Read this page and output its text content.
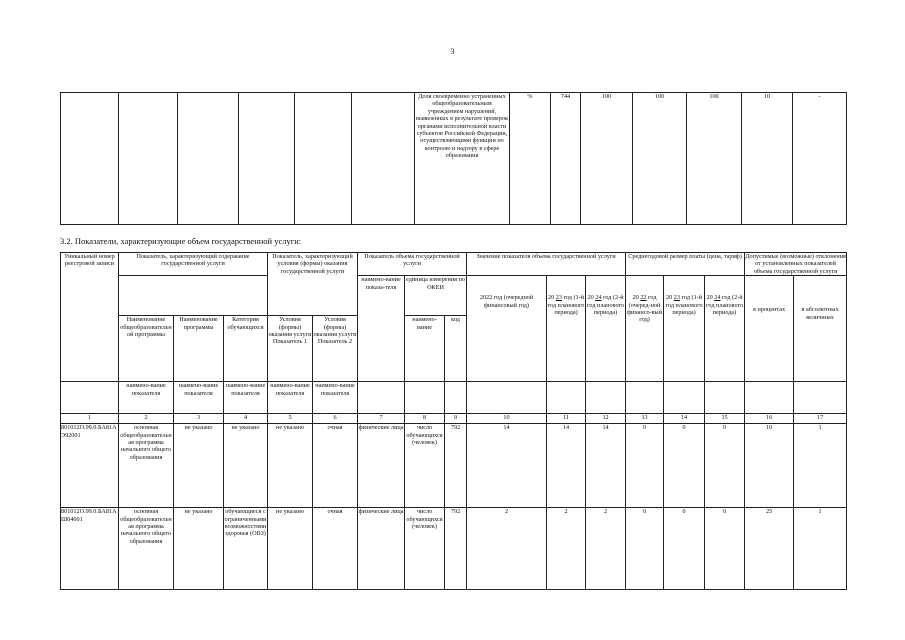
3
						Доля своевременно устраненных общеобразовательным учреждением нарушений, выявленных в результате проверок органами исполнительной власти субъектов Российской Федерации, осуществляющими функции по контролю и надзору в сфере образования	%	744	100	100	100	10	-
3.2. Показатели, характеризующие объем государственной услуги:
Уникальный номер реестровой записи	Показатель, характеризующий содержание государственной услуги			Показатель, характеризующий условия (формы) оказания государственной услуги		Показатель объема государственной услуги			Значение показателя объема государственной услуги			Среднегодовой размер платы (цена, тариф)			Допустимые (возможные) отклонения от установленных показателей объема государственной услуги	
						наимено-вание показа-теля	единица измерения по ОКЕИ		2022 год (очередной финансовый год)	20 23 год (1-й год планового периода)	20 24 год (2-й год планового периода)	20 22 год (очеред-ной финансо-вый год)	20 23 год (1-й год планового периода)	20 24 год (2-й год планового периода)	в процентах	в абсолютных величинах
	Наименование общеобразовательной программы	Наименование программы	Категория обучающихся	Условия (формы) оказания услуги Показатель 1	Условия (формы) оказания услуги Показатель 2		наимено-вание	код								
	наимено-вание показателя	наимено-вание показателя	наимено-вание показателя	наимено-вание показателя	наимено-вание показателя											
1	2	3	4	5	6	7	8	9	10	11	12	13	14	15	16	17
801012О.99.0.БА81АЭ92001	основная общеобразовательная программа начального общего образования	не указано	не указано	не указано	очная	физические лица	число обучающихся (человек)	792	14	14	14	0	0	0	10	1
801012О.99.0.БА81АШ04001	основная общеобразовательная программа начального общего образования	не указано	обучающиеся с ограниченными возможностями здоровья (ОВЗ)	не указано	очная	физические лица	число обучающихся (человек)	792	2	2	2	0	0	0	25	1
